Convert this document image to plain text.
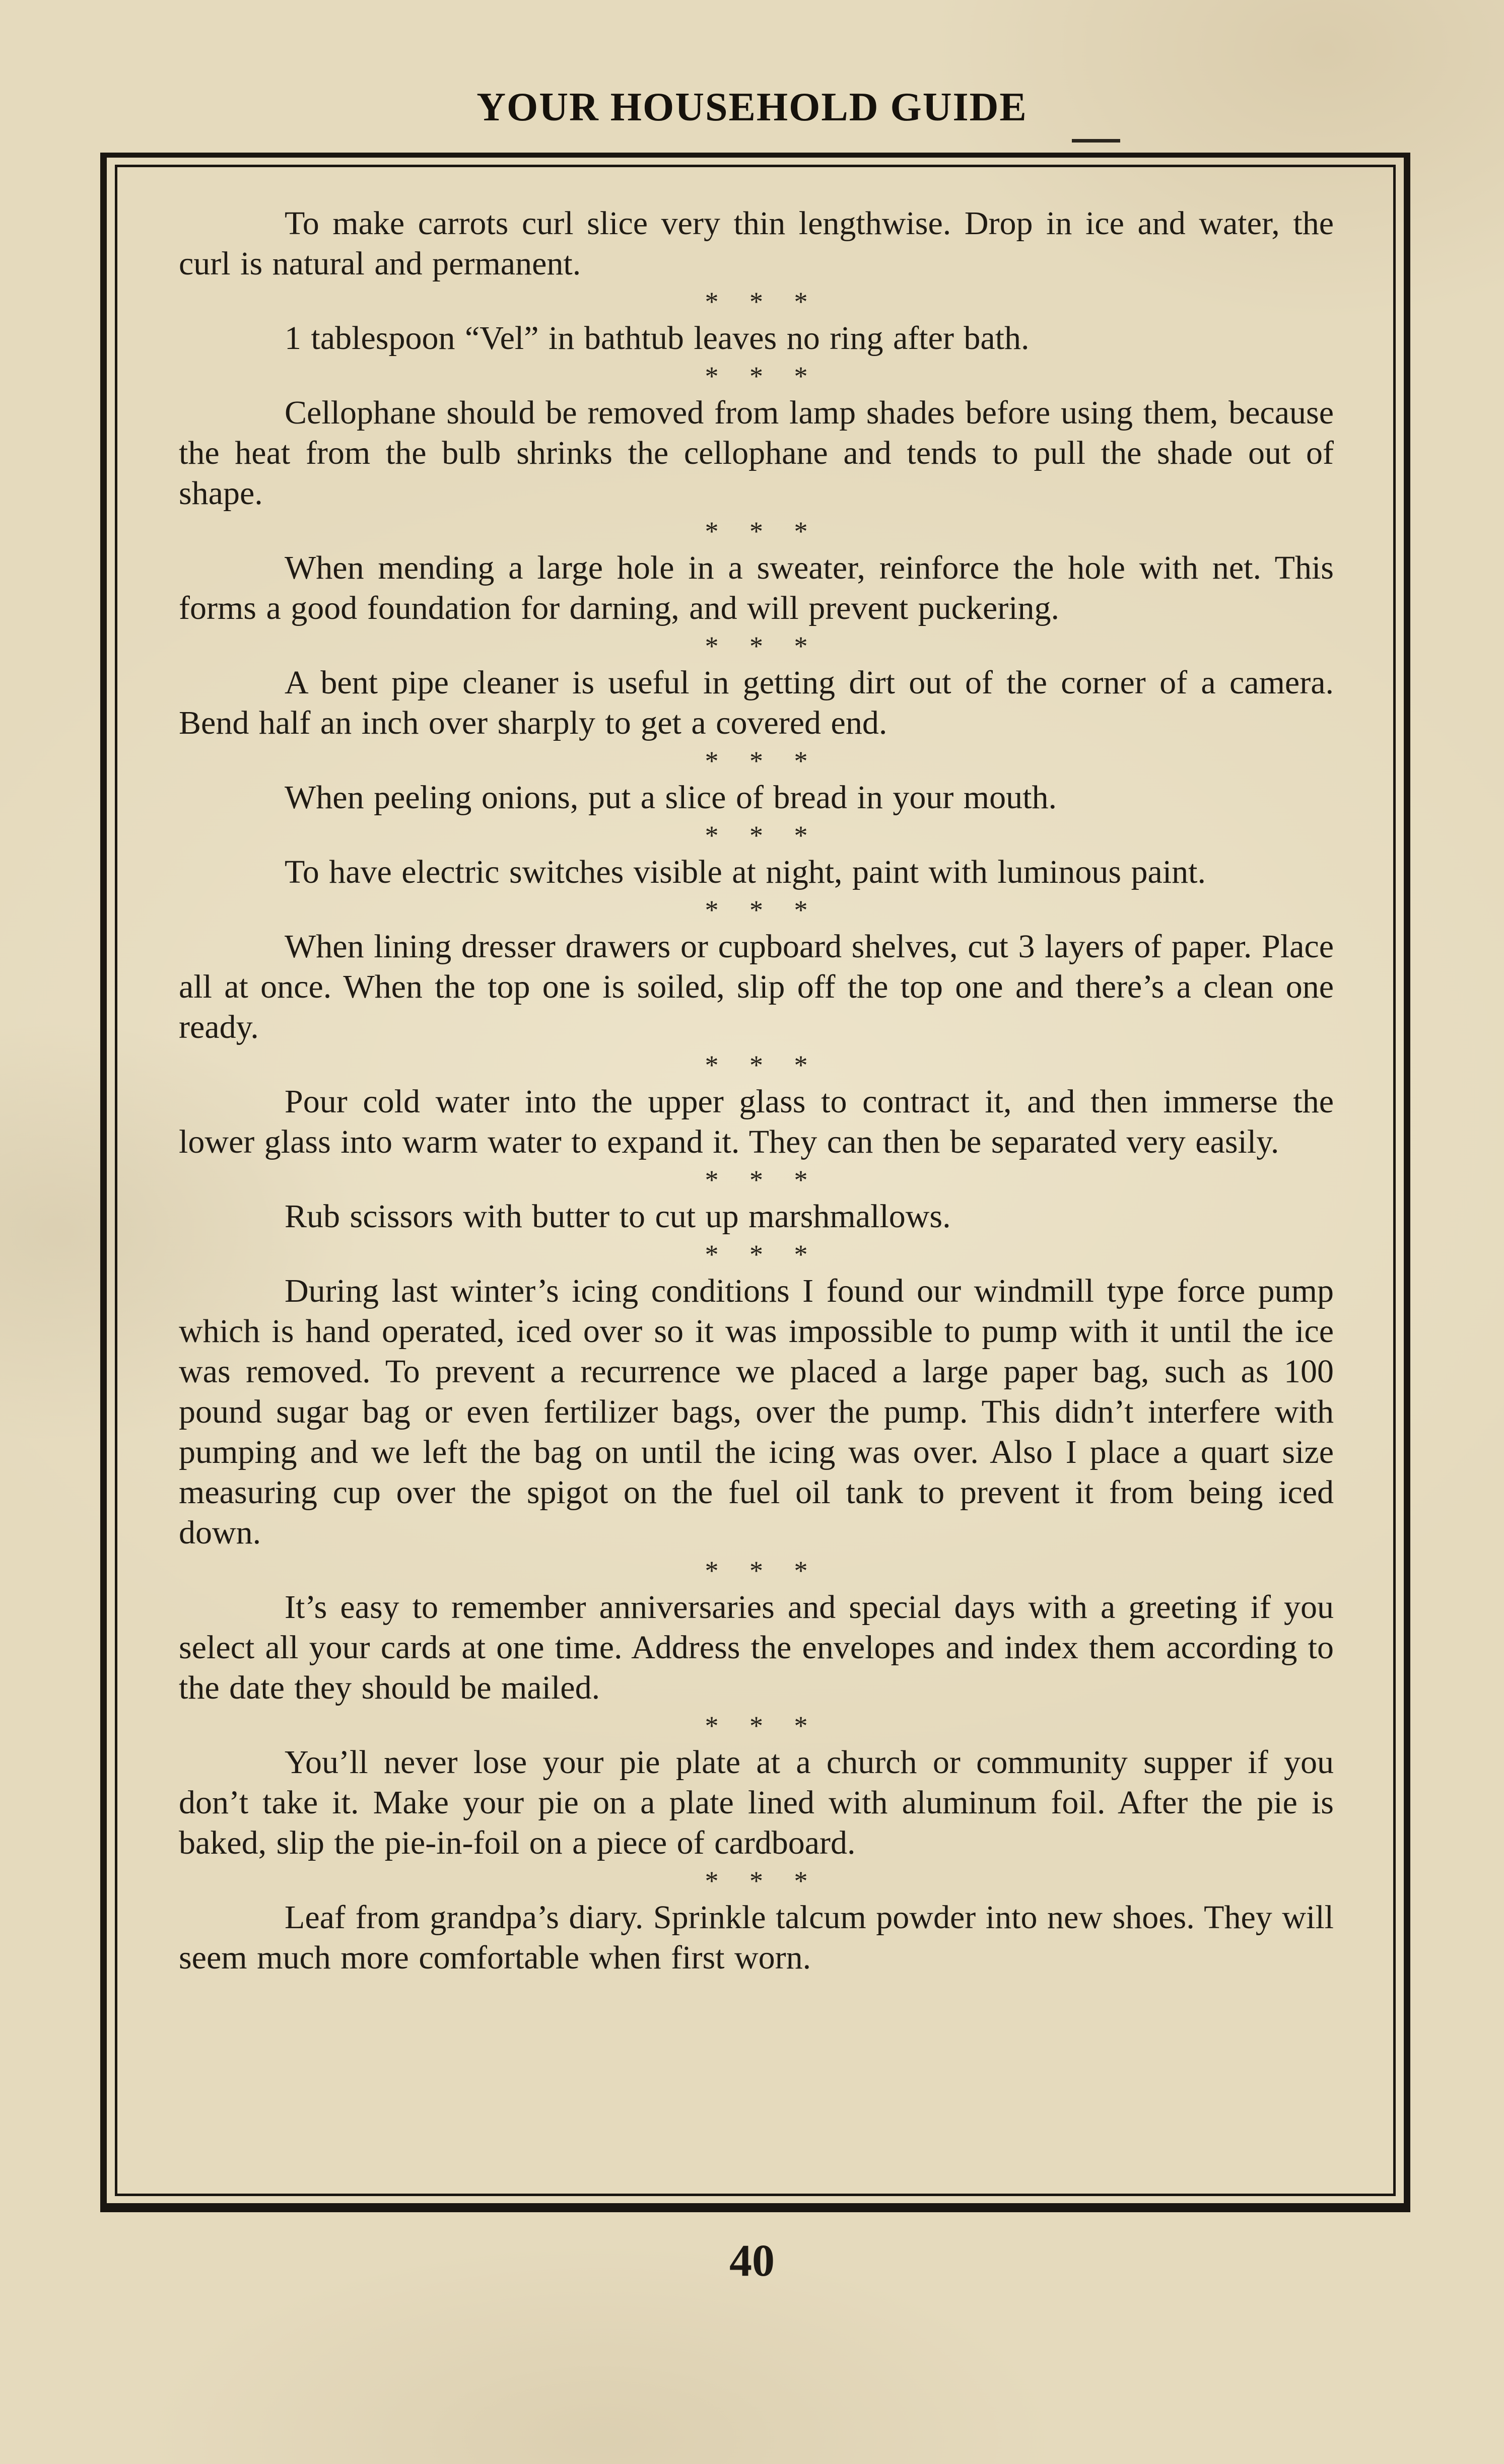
YOUR HOUSEHOLD GUIDE

To make carrots curl slice very thin lengthwise. Drop in ice and water, the curl is natural and permanent.

* * *

1 tablespoon “Vel” in bathtub leaves no ring after bath.

* * *

Cellophane should be removed from lamp shades before using them, because the heat from the bulb shrinks the cellophane and tends to pull the shade out of shape.

* * *

When mending a large hole in a sweater, reinforce the hole with net. This forms a good foundation for darning, and will prevent puckering.

* * *

A bent pipe cleaner is useful in getting dirt out of the corner of a camera. Bend half an inch over sharply to get a covered end.

* * *

When peeling onions, put a slice of bread in your mouth.

* * *

To have electric switches visible at night, paint with luminous paint.

* * *

When lining dresser drawers or cupboard shelves, cut 3 layers of paper. Place all at once. When the top one is soiled, slip off the top one and there’s a clean one ready.

* * *

Pour cold water into the upper glass to contract it, and then immerse the lower glass into warm water to expand it. They can then be separated very easily.

* * *

Rub scissors with butter to cut up marshmallows.

* * *

During last winter’s icing conditions I found our windmill type force pump which is hand operated, iced over so it was impossible to pump with it until the ice was removed. To prevent a recurrence we placed a large paper bag, such as 100 pound sugar bag or even fertilizer bags, over the pump. This didn’t interfere with pumping and we left the bag on until the icing was over. Also I place a quart size measuring cup over the spigot on the fuel oil tank to prevent it from being iced down.

* * *

It’s easy to remember anniversaries and special days with a greeting if you select all your cards at one time. Address the envelopes and index them according to the date they should be mailed.

* * *

You’ll never lose your pie plate at a church or community supper if you don’t take it. Make your pie on a plate lined with aluminum foil. After the pie is baked, slip the pie-in-foil on a piece of cardboard.

* * *

Leaf from grandpa’s diary. Sprinkle talcum powder into new shoes. They will seem much more comfortable when first worn.

40
